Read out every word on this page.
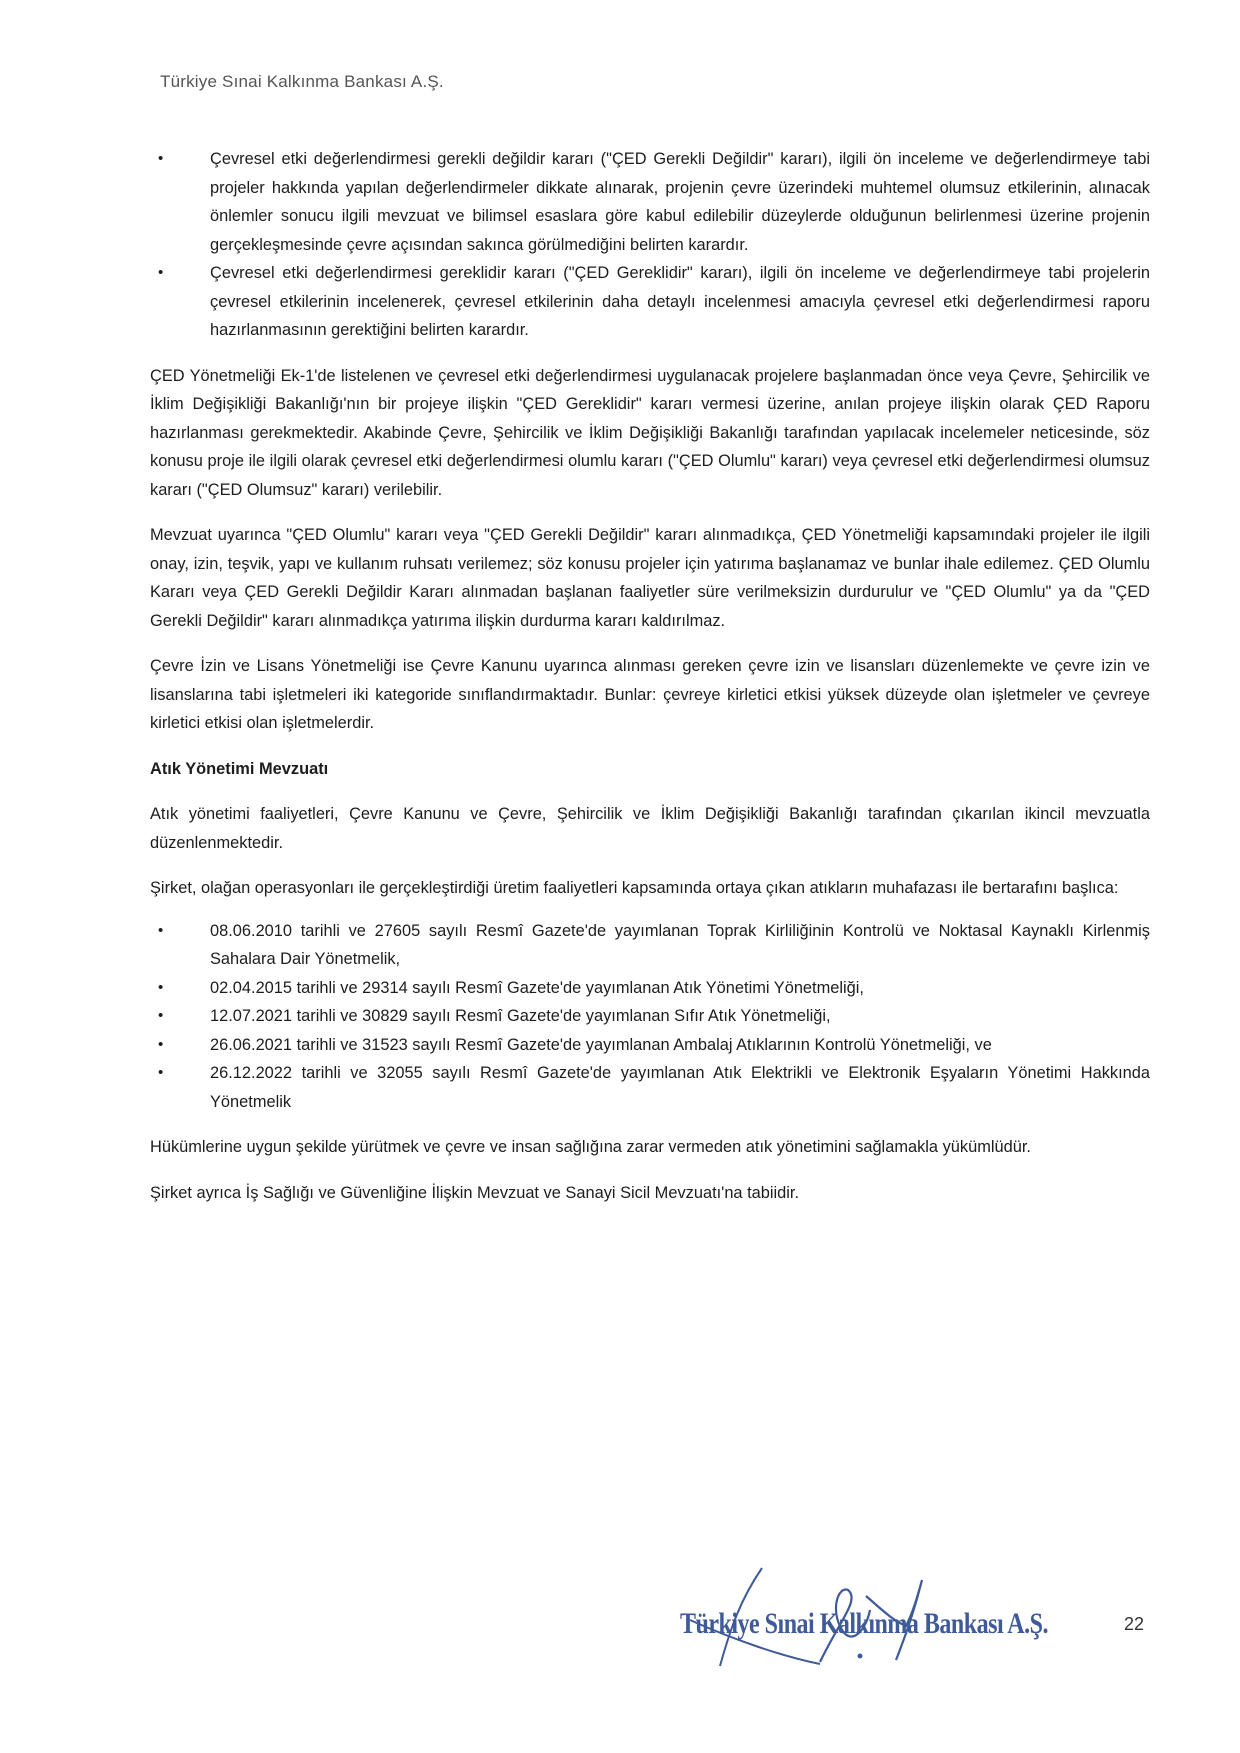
Türkiye Sınai Kalkınma Bankası A.Ş.
•	Çevresel etki değerlendirmesi gerekli değildir kararı ("ÇED Gerekli Değildir" kararı), ilgili ön inceleme ve değerlendirmeye tabi projeler hakkında yapılan değerlendirmeler dikkate alınarak, projenin çevre üzerindeki muhtemel olumsuz etkilerinin, alınacak önlemler sonucu ilgili mevzuat ve bilimsel esaslara göre kabul edilebilir düzeylerde olduğunun belirlenmesi üzerine projenin gerçekleşmesinde çevre açısından sakınca görülmediğini belirten karardır.
•	Çevresel etki değerlendirmesi gereklidir kararı ("ÇED Gereklidir" kararı), ilgili ön inceleme ve değerlendirmeye tabi projelerin çevresel etkilerinin incelenerek, çevresel etkilerinin daha detaylı incelenmesi amacıyla çevresel etki değerlendirmesi raporu hazırlanmasının gerektiğini belirten karardır.

ÇED Yönetmeliği Ek-1'de listelenen ve çevresel etki değerlendirmesi uygulanacak projelere başlanmadan önce veya Çevre, Şehircilik ve İklim Değişikliği Bakanlığı'nın bir projeye ilişkin "ÇED Gereklidir" kararı vermesi üzerine, anılan projeye ilişkin olarak ÇED Raporu hazırlanması gerekmektedir. Akabinde Çevre, Şehircilik ve İklim Değişikliği Bakanlığı tarafından yapılacak incelemeler neticesinde, söz konusu proje ile ilgili olarak çevresel etki değerlendirmesi olumlu kararı ("ÇED Olumlu" kararı) veya çevresel etki değerlendirmesi olumsuz kararı ("ÇED Olumsuz" kararı) verilebilir.

Mevzuat uyarınca "ÇED Olumlu" kararı veya "ÇED Gerekli Değildir" kararı alınmadıkça, ÇED Yönetmeliği kapsamındaki projeler ile ilgili onay, izin, teşvik, yapı ve kullanım ruhsatı verilemez; söz konusu projeler için yatırıma başlanamaz ve bunlar ihale edilemez. ÇED Olumlu Kararı veya ÇED Gerekli Değildir Kararı alınmadan başlanan faaliyetler süre verilmeksizin durdurulur ve "ÇED Olumlu" ya da "ÇED Gerekli Değildir" kararı alınmadıkça yatırıma ilişkin durdurma kararı kaldırılmaz.

Çevre İzin ve Lisans Yönetmeliği ise Çevre Kanunu uyarınca alınması gereken çevre izin ve lisansları düzenlemekte ve çevre izin ve lisanslarına tabi işletmeleri iki kategoride sınıflandırmaktadır. Bunlar: çevreye kirletici etkisi yüksek düzeyde olan işletmeler ve çevreye kirletici etkisi olan işletmelerdir.

Atık Yönetimi Mevzuatı

Atık yönetimi faaliyetleri, Çevre Kanunu ve Çevre, Şehircilik ve İklim Değişikliği Bakanlığı tarafından çıkarılan ikincil mevzuatla düzenlenmektedir.

Şirket, olağan operasyonları ile gerçekleştirdiği üretim faaliyetleri kapsamında ortaya çıkan atıkların muhafazası ile bertarafını başlıca:

•	08.06.2010 tarihli ve 27605 sayılı Resmî Gazete'de yayımlanan Toprak Kirliliğinin Kontrolü ve Noktasal Kaynaklı Kirlenmiş Sahalara Dair Yönetmelik,
•	02.04.2015 tarihli ve 29314 sayılı Resmî Gazete'de yayımlanan Atık Yönetimi Yönetmeliği,
•	12.07.2021 tarihli ve 30829 sayılı Resmî Gazete'de yayımlanan Sıfır Atık Yönetmeliği,
•	26.06.2021 tarihli ve 31523 sayılı Resmî Gazete'de yayımlanan Ambalaj Atıklarının Kontrolü Yönetmeliği, ve
•	26.12.2022 tarihli ve 32055 sayılı Resmî Gazete'de yayımlanan Atık Elektrikli ve Elektronik Eşyaların Yönetimi Hakkında Yönetmelik

Hükümlerine uygun şekilde yürütmek ve çevre ve insan sağlığına zarar vermeden atık yönetimini sağlamakla yükümlüdür.

Şirket ayrıca İş Sağlığı ve Güvenliğine İlişkin Mevzuat ve Sanayi Sicil Mevzuatı'na tabiidir.

Türkiye Sınai Kalkınma Bankası A.Ş.	22
